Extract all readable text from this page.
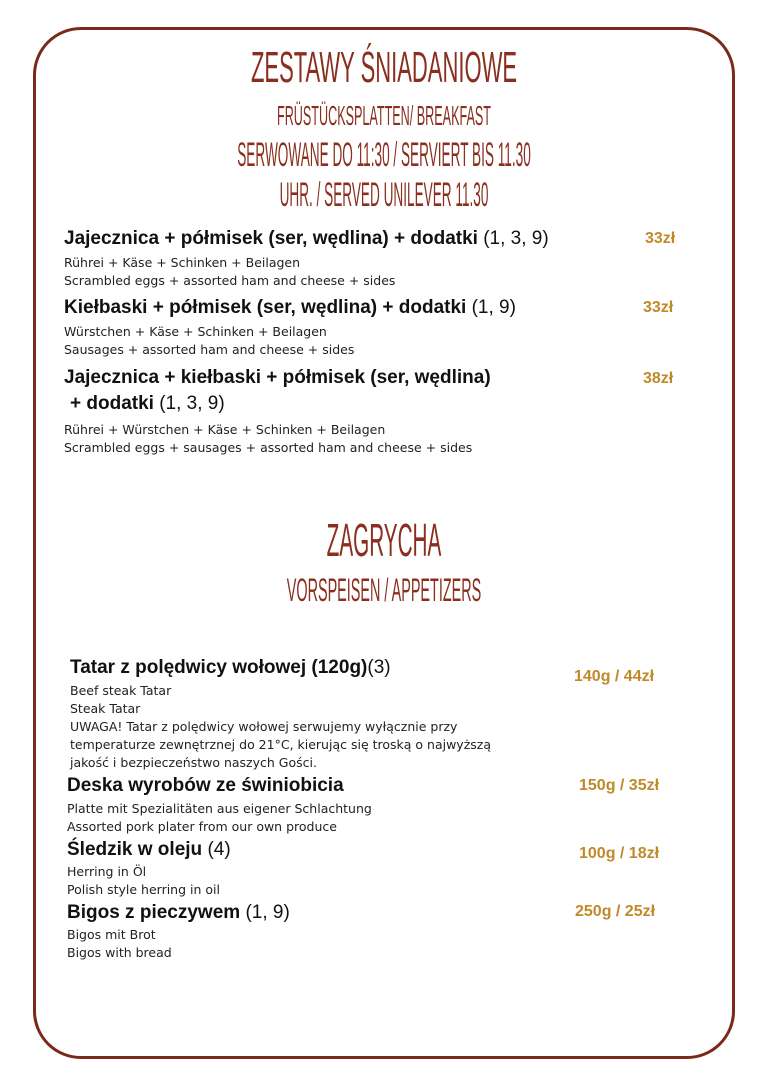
ZESTAWY ŚNIADANIOWE
FRÜSTÜCKSPLATTEN/ BREAKFAST
SERWOWANE DO 11:30 / SERVIERT BIS 11.30 UHR. / SERVED UNILEVER 11.30
Jajecznica + półmisek (ser, wędlina) + dodatki (1, 3, 9)
Rührei + Käse + Schinken + Beilagen
Scrambled eggs + assorted ham and cheese + sides
33zł
Kiełbaski + półmisek (ser, wędlina) + dodatki (1, 9)
Würstchen + Käse + Schinken + Beilagen
Sausages + assorted ham and cheese + sides
33zł
Jajecznica + kiełbaski + półmisek (ser, wędlina)
+ dodatki (1, 3, 9)
Rührei + Würstchen + Käse + Schinken + Beilagen
Scrambled eggs + sausages + assorted ham and cheese + sides
38zł
ZAGRYCHA
VORSPEISEN / APPETIZERS
Tatar z polędwicy wołowej (120g)(3)
Beef steak Tatar
Steak Tatar
UWAGA! Tatar z polędwicy wołowej serwujemy wyłącznie przy
temperaturze zewnętrznej do 21°C, kierując się troską o najwyższą
jakość i bezpieczeństwo naszych Gości.
140g / 44zł
Deska wyrobów ze świniobicia
Platte mit Spezialitäten aus eigener Schlachtung
Assorted pork plater from our own produce
150g / 35zł
Śledzik w oleju (4)
Herring in Öl
Polish style herring in oil
100g / 18zł
Bigos z pieczywem (1, 9)
Bigos mit Brot
Bigos with bread
250g / 25zł
